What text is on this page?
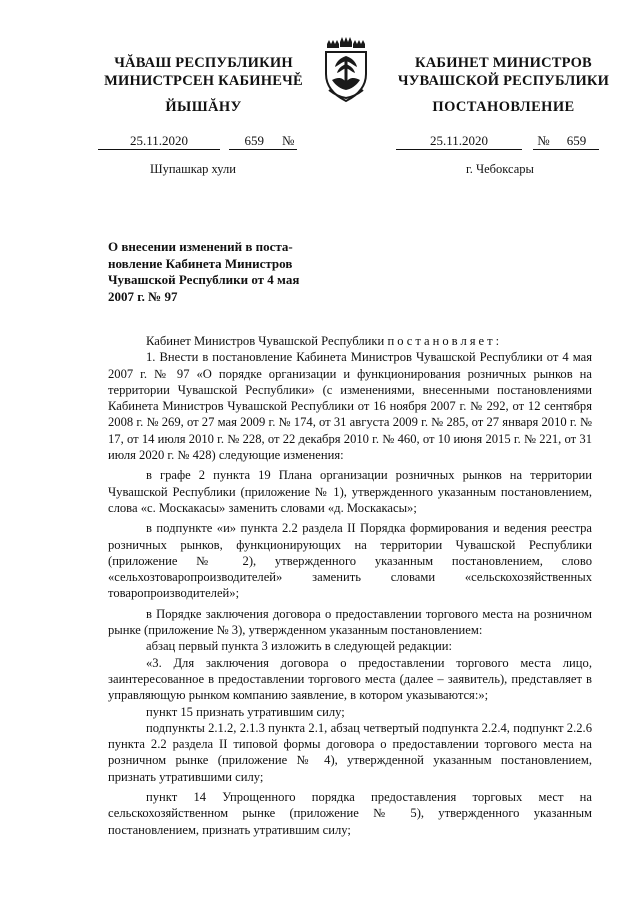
ЧĂВАШ РЕСПУБЛИКИН
МИНИСТРСЕН КАБИНЕЧĚ
ЙЫШĂНУ
КАБИНЕТ МИНИСТРОВ
ЧУВАШСКОЙ РЕСПУБЛИКИ
ПОСТАНОВЛЕНИЕ
25.11.2020	659 №	25.11.2020	№ 659
Шупашкар хули	г. Чебоксары
О внесении изменений в поста-
новление Кабинета Министров
Чувашской Республики от 4 мая
2007 г. № 97

Кабинет Министров Чувашской Республики постановляет:

1. Внести в постановление Кабинета Министров Чувашской Республики от 4 мая 2007 г. № 97 «О порядке организации и функционирования розничных рынков на территории Чувашской Республики» (с изменениями, внесенными постановлениями Кабинета Министров Чувашской Республики от 16 ноября 2007 г. № 292, от 12 сентября 2008 г. № 269, от 27 мая 2009 г. № 174, от 31 августа 2009 г. № 285, от 27 января 2010 г. № 17, от 14 июля 2010 г. № 228, от 22 декабря 2010 г. № 460, от 10 июня 2015 г. № 221, от 31 июля 2020 г. № 428) следующие изменения:

в графе 2 пункта 19 Плана организации розничных рынков на территории Чувашской Республики (приложение № 1), утвержденного указанным постановлением, слова «с. Москакасы» заменить словами «д. Москакасы»;

в подпункте «и» пункта 2.2 раздела II Порядка формирования и ведения реестра розничных рынков, функционирующих на территории Чувашской Республики (приложение № 2), утвержденного указанным постановлением, слово «сельхозтоваропроизводителей» заменить словами «сельскохозяйственных товаропроизводителей»;

в Порядке заключения договора о предоставлении торгового места на розничном рынке (приложение № 3), утвержденном указанным постановлением:

абзац первый пункта 3 изложить в следующей редакции:

«3. Для заключения договора о предоставлении торгового места лицо, заинтересованное в предоставлении торгового места (далее – заявитель), представляет в управляющую рынком компанию заявление, в котором указываются:»;

пункт 15 признать утратившим силу;

подпункты 2.1.2, 2.1.3 пункта 2.1, абзац четвертый подпункта 2.2.4, подпункт 2.2.6 пункта 2.2 раздела II типовой формы договора о предоставлении торгового места на розничном рынке (приложение № 4), утвержденной указанным постановлением, признать утратившими силу;

пункт 14 Упрощенного порядка предоставления торговых мест на сельскохозяйственном рынке (приложение № 5), утвержденного указанным постановлением, признать утратившим силу;
